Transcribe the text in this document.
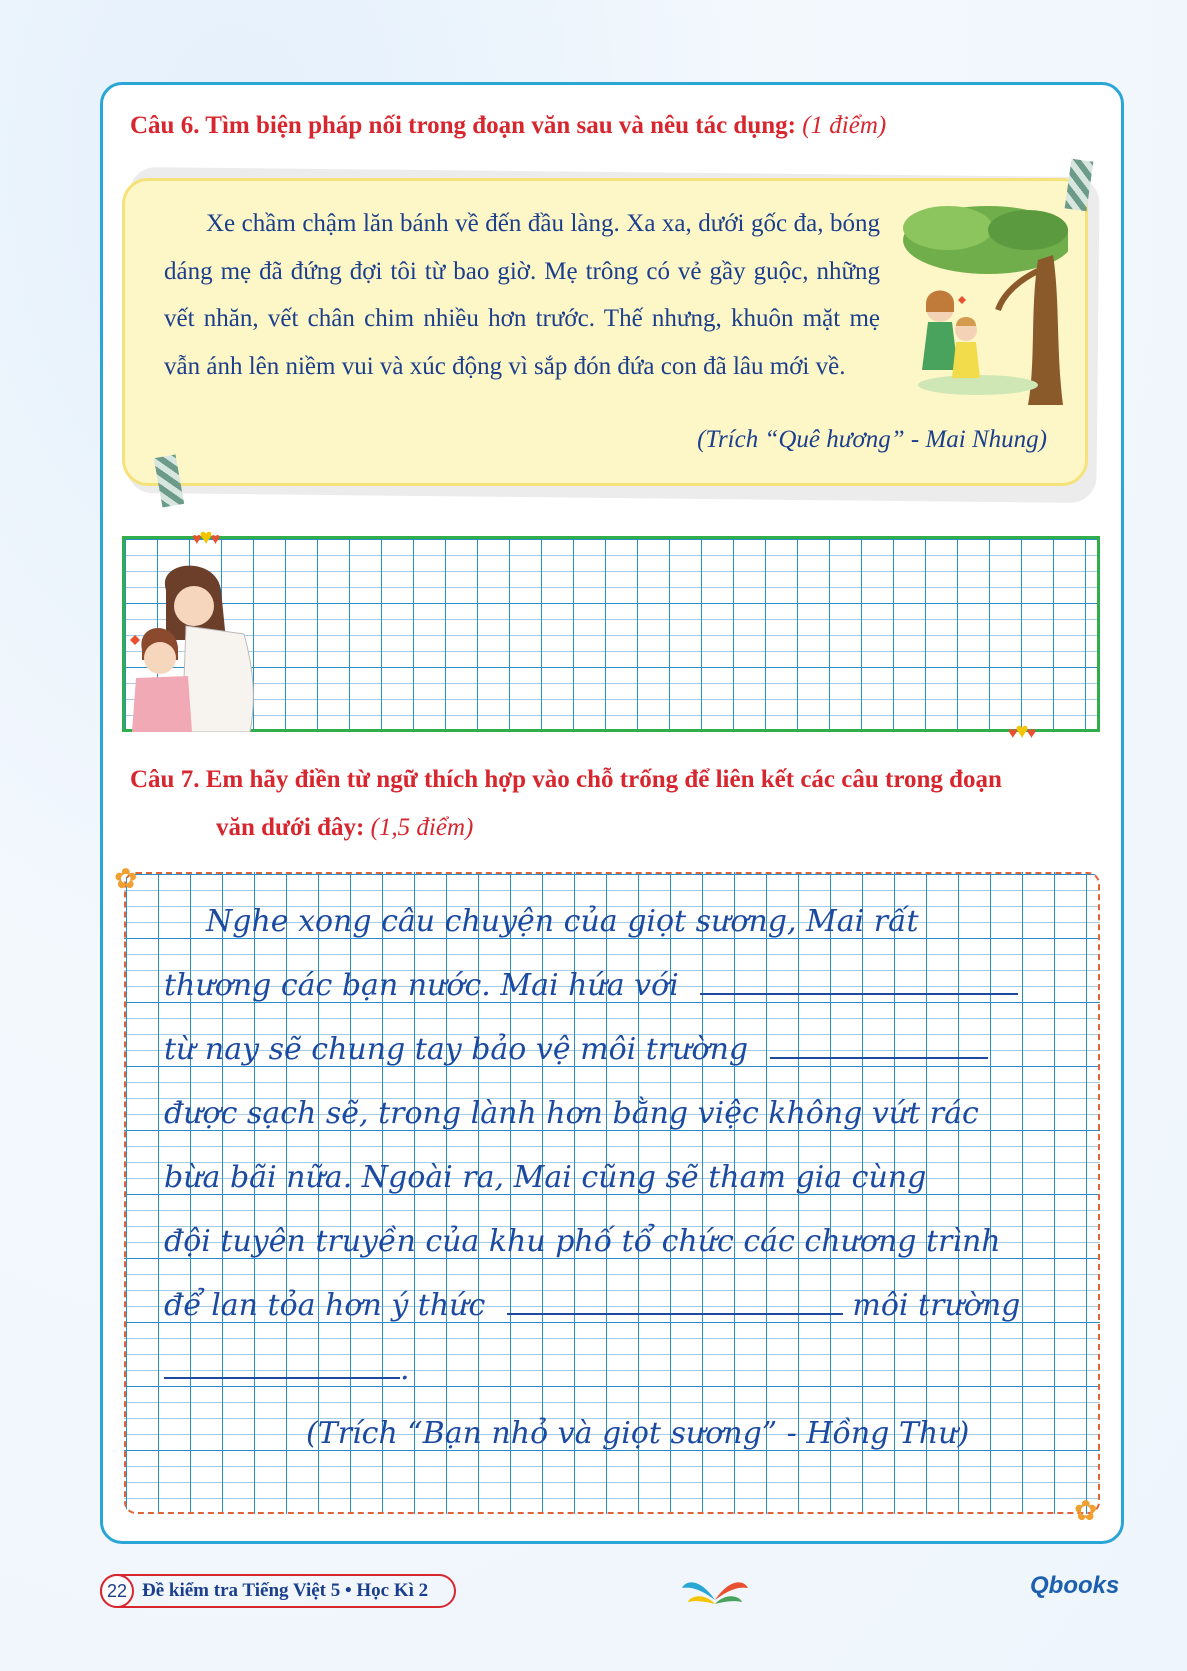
Câu 6. Tìm biện pháp nối trong đoạn văn sau và nêu tác dụng: (1 điểm)

Xe chầm chậm lăn bánh về đến đầu làng. Xa xa, dưới gốc đa, bóng dáng mẹ đã đứng đợi tôi từ bao giờ. Mẹ trông có vẻ gầy guộc, những vết nhăn, vết chân chim nhiều hơn trước. Thế nhưng, khuôn mặt mẹ vẫn ánh lên niềm vui và xúc động vì sắp đón đứa con đã lâu mới về.

(Trích “Quê hương” - Mai Nhung)
♥♥♥
♥♥♥
Câu 7. Em hãy điền từ ngữ thích hợp vào chỗ trống để liên kết các câu trong đoạn
văn dưới đây: (1,5 điểm)
✿
✿
Nghe xong câu chuyện của giọt sương, Mai rất
thương các bạn nước. Mai hứa với
từ nay sẽ chung tay bảo vệ môi trường
được sạch sẽ, trong lành hơn bằng việc không vứt rác
bừa bãi nữa. Ngoài ra, Mai cũng sẽ tham gia cùng
đội tuyên truyền của khu phố tổ chức các chương trình
để lan tỏa hơn ý thức	môi trường
.
(Trích “Bạn nhỏ và giọt sương” - Hồng Thư)
22 Đề kiểm tra Tiếng Việt 5 • Học Kì 2	Qbooks
